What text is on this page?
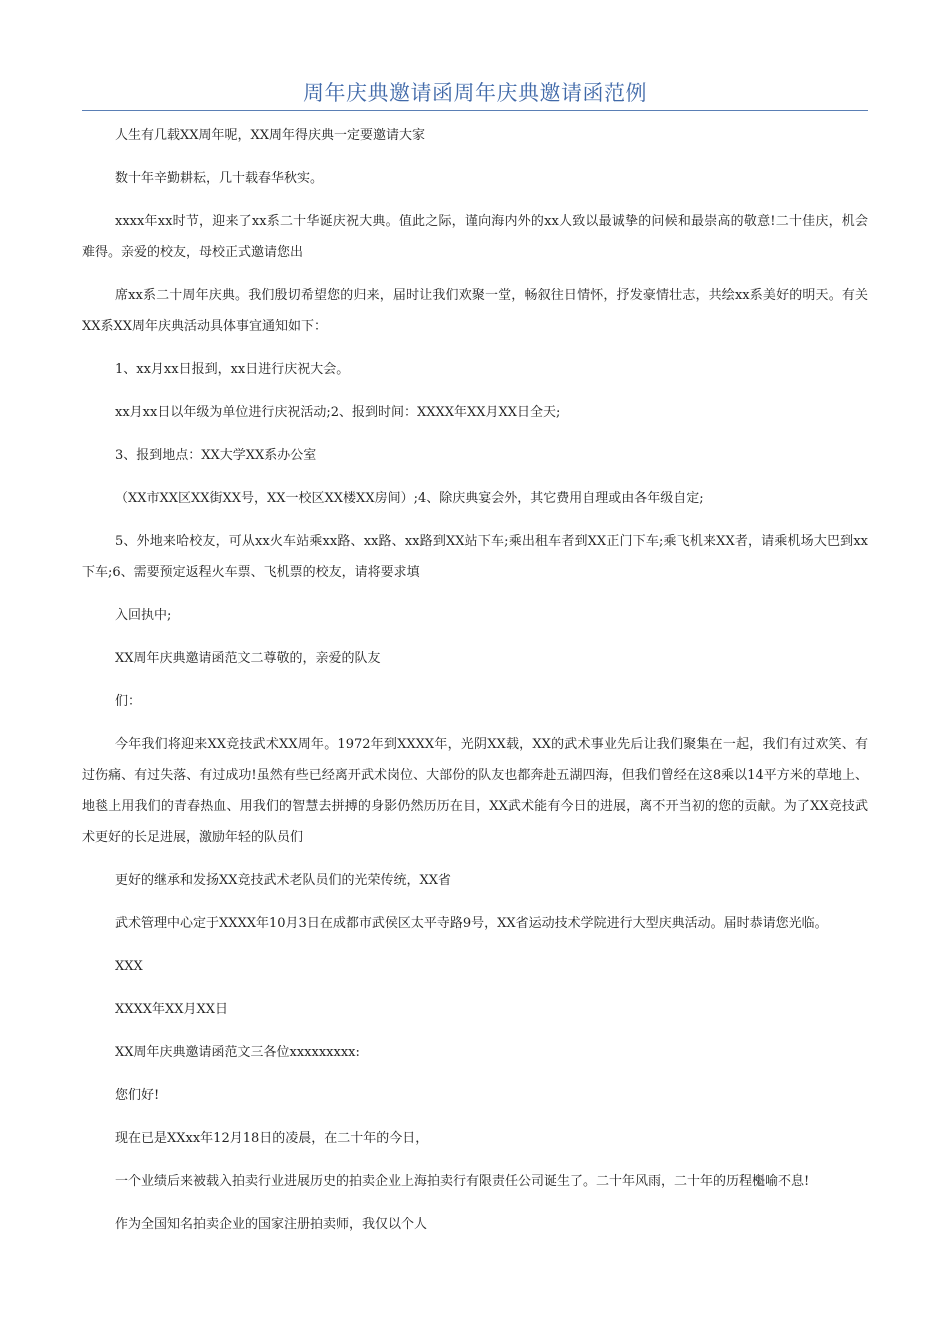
周年庆典邀请函周年庆典邀请函范例

人生有几载XX周年呢，XX周年得庆典一定要邀请大家

数十年辛勤耕耘，几十载春华秋实。

xxxx年xx时节，迎来了xx系二十华诞庆祝大典。值此之际，谨向海内外的xx人致以最诚挚的问候和最崇高的敬意!二十佳庆，机会难得。亲爱的校友，母校正式邀请您出

席xx系二十周年庆典。我们殷切希望您的归来，届时让我们欢聚一堂，畅叙往日情怀，抒发豪情壮志，共绘xx系美好的明天。有关XX系XX周年庆典活动具体事宜通知如下：

1、xx月xx日报到，xx日进行庆祝大会。

xx月xx日以年级为单位进行庆祝活动;2、报到时间：XXXX年XX月XX日全天;

3、报到地点：XX大学XX系办公室

（XX市XX区XX街XX号，XX一校区XX楼XX房间）;4、除庆典宴会外，其它费用自理或由各年级自定;

5、外地来哈校友，可从xx火车站乘xx路、xx路、xx路到XX站下车;乘出租车者到XX正门下车;乘飞机来XX者，请乘机场大巴到xx下车;6、需要预定返程火车票、飞机票的校友，请将要求填

入回执中;

XX周年庆典邀请函范文二尊敬的，亲爱的队友

们：

今年我们将迎来XX竞技武术XX周年。1972年到XXXX年，光阴XX载，XX的武术事业先后让我们聚集在一起，我们有过欢笑、有过伤痛、有过失落、有过成功!虽然有些已经离开武术岗位、大部份的队友也都奔赴五湖四海，但我们曾经在这8乘以14平方米的草地上、地毯上用我们的青春热血、用我们的智慧去拼搏的身影仍然历历在目，XX武术能有今日的进展，离不开当初的您的贡献。为了XX竞技武术更好的长足进展，激励年轻的队员们

更好的继承和发扬XX竞技武术老队员们的光荣传统，XX省

武术管理中心定于XXXX年10月3日在成都市武侯区太平寺路9号，XX省运动技术学院进行大型庆典活动。届时恭请您光临。

XXX

XXXX年XX月XX日

XX周年庆典邀请函范文三各位xxxxxxxxx:

您们好!

现在已是XXxx年12月18日的凌晨，在二十年的今日，

一个业绩后来被载入拍卖行业进展历史的拍卖企业上海拍卖行有限责任公司诞生了。二十年风雨，二十年的历程櫆喻不息!

作为全国知名拍卖企业的国家注册拍卖师，我仅以个人
